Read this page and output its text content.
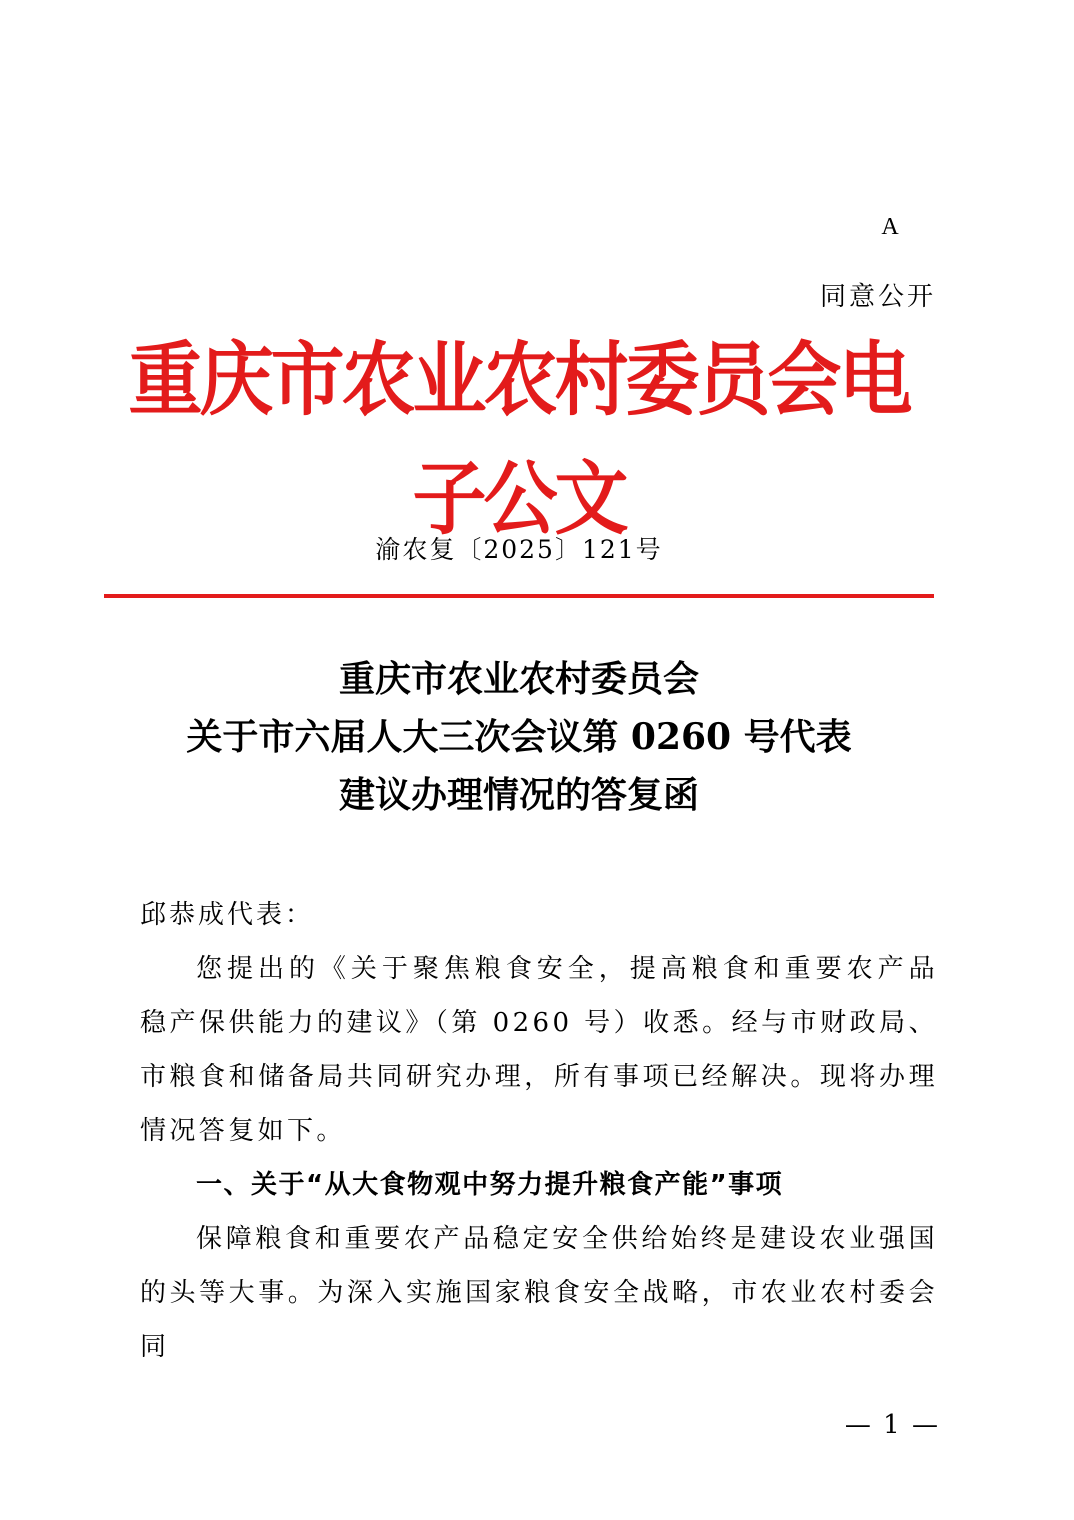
A
同意公开
重庆市农业农村委员会电子公文
渝农复〔2025〕121号
重庆市农业农村委员会
关于市六届人大三次会议第 0260 号代表
建议办理情况的答复函
邱恭成代表：

您提出的《关于聚焦粮食安全，提高粮食和重要农产品　稳产保供能力的建议》（第 0260 号）收悉。经与市财政局、市粮食和储备局共同研究办理，所有事项已经解决。现将办理情况答复如下。

一、关于“从大食物观中努力提升粮食产能”事项

保障粮食和重要农产品稳定安全供给始终是建设农业强国的头等大事。为深入实施国家粮食安全战略，市农业农村委会同

— 1 —
